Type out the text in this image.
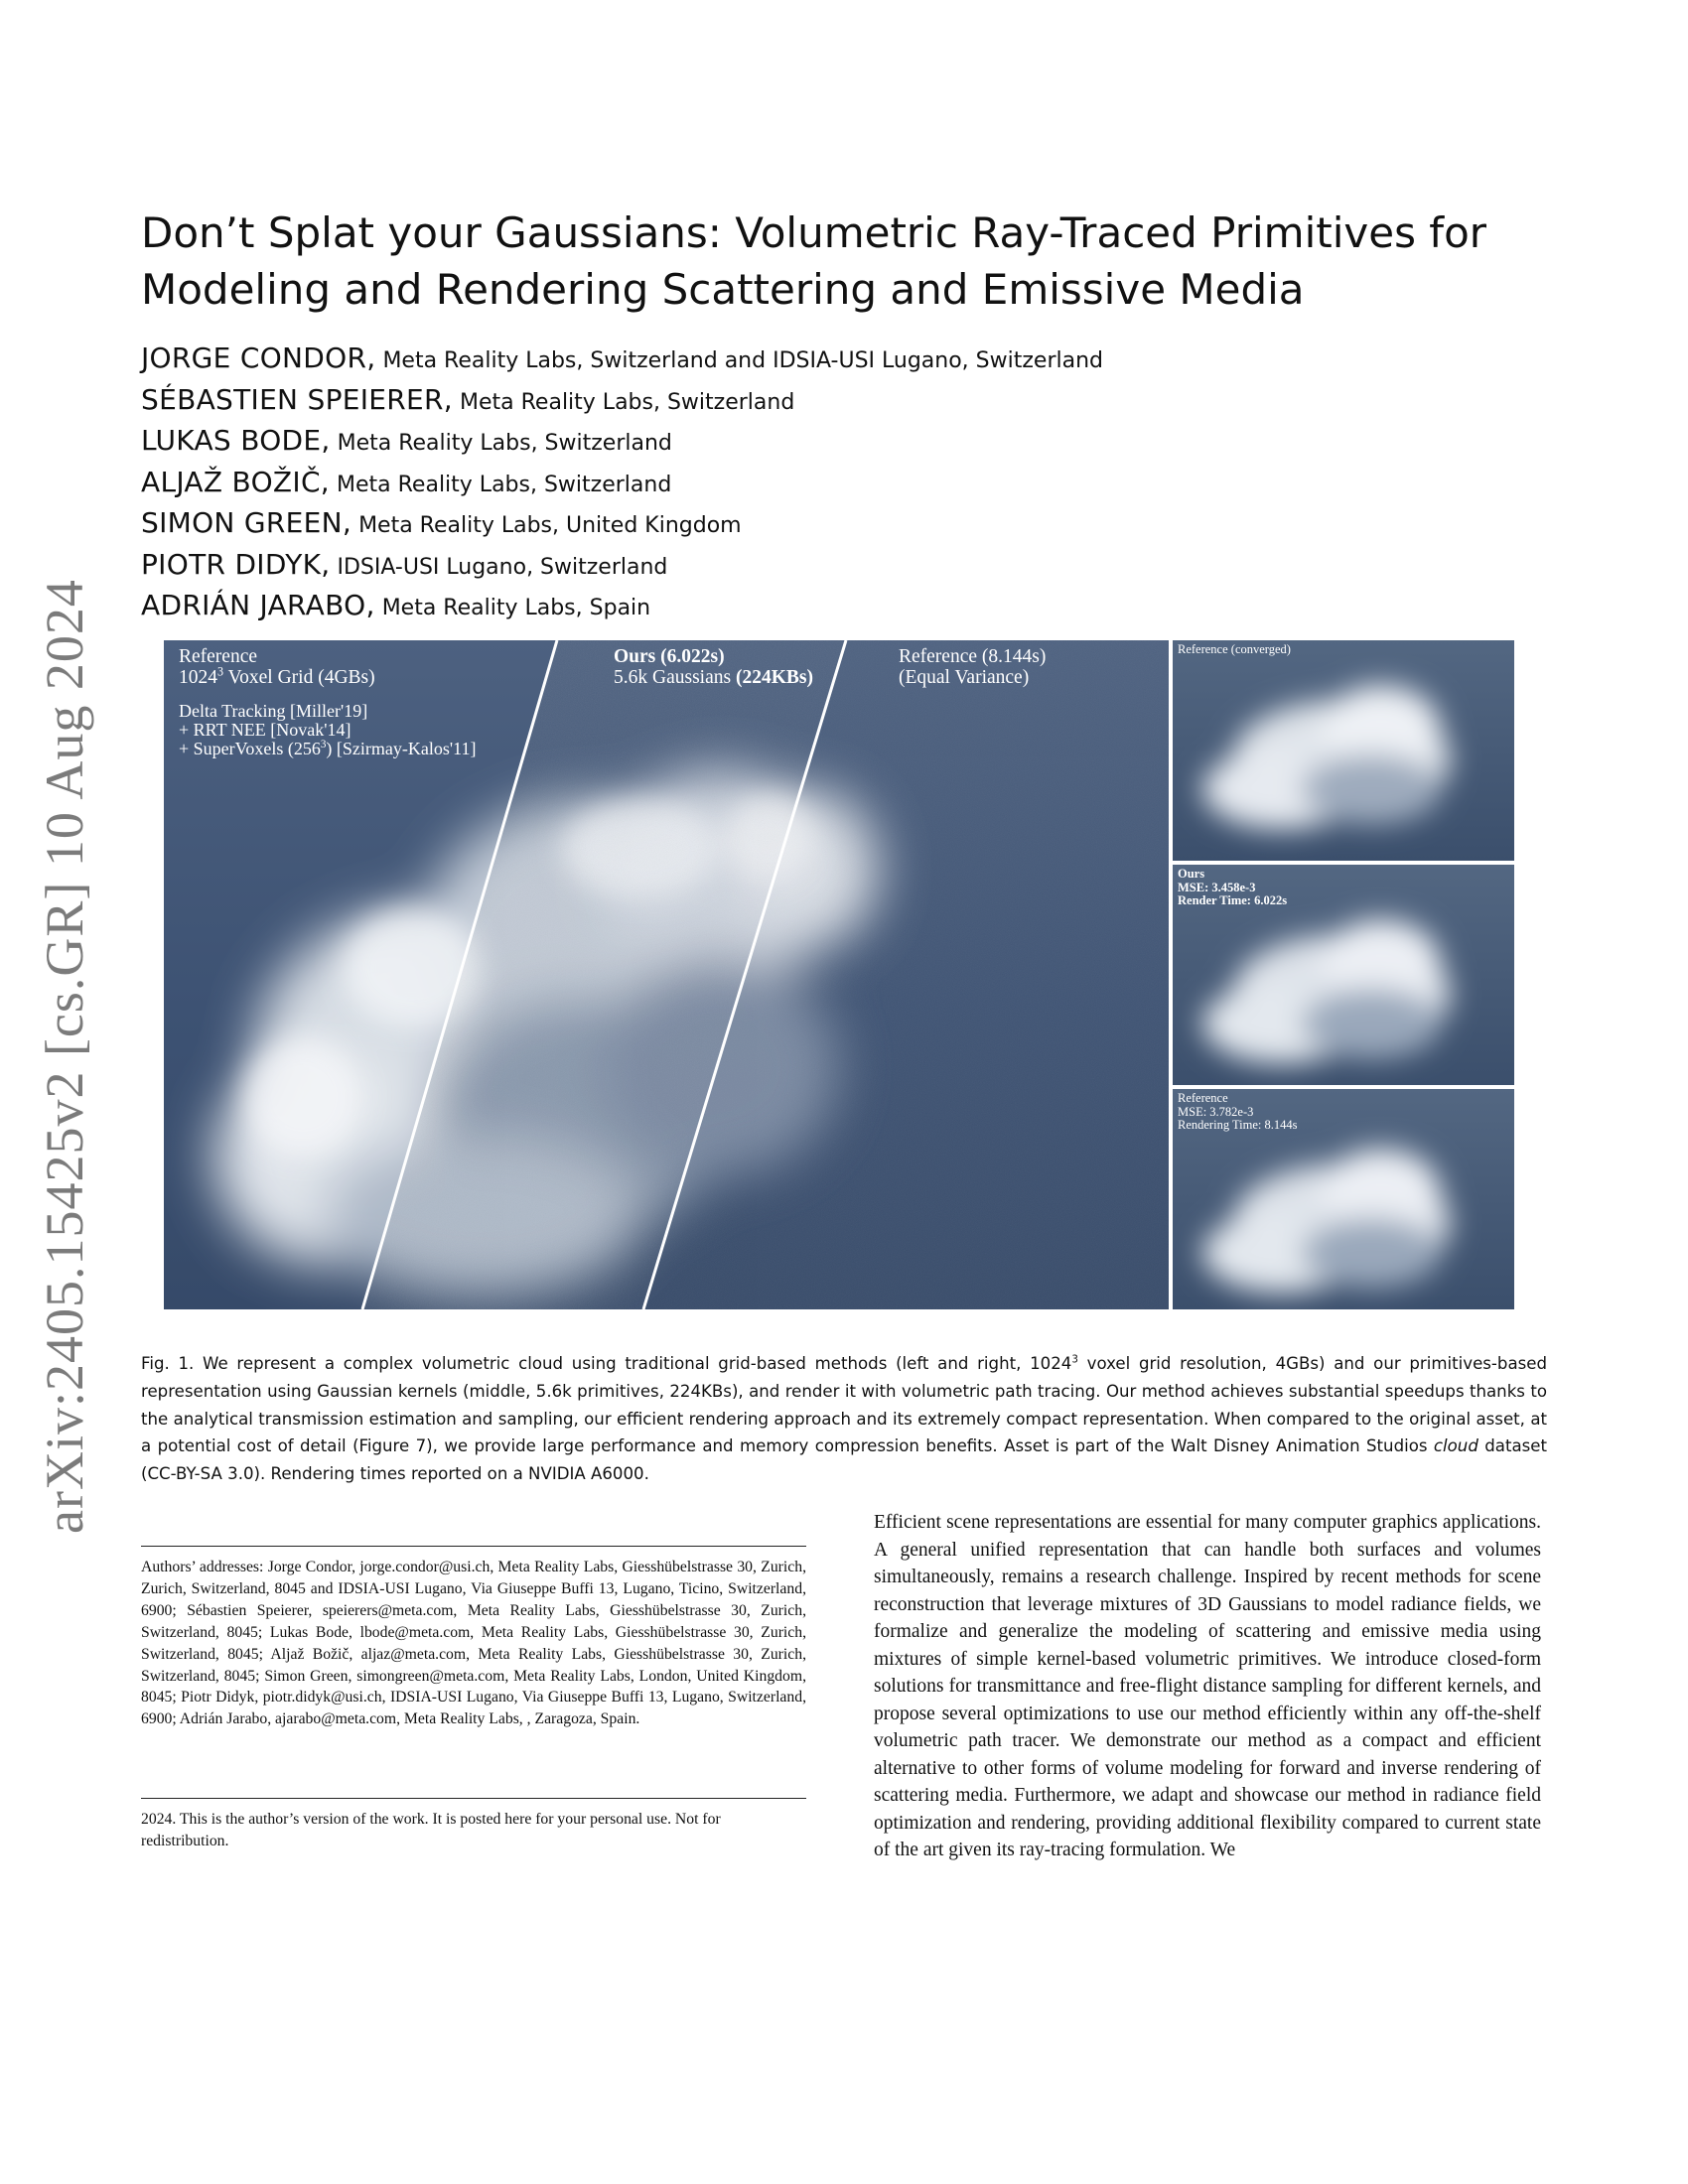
arXiv:2405.15425v2 [cs.GR] 10 Aug 2024
Don’t Splat your Gaussians: Volumetric Ray-Traced Primitives for
Modeling and Rendering Scattering and Emissive Media
JORGE CONDOR, Meta Reality Labs, Switzerland and IDSIA-USI Lugano, Switzerland
SÉBASTIEN SPEIERER, Meta Reality Labs, Switzerland
LUKAS BODE, Meta Reality Labs, Switzerland
ALJAŽ BOŽIČ, Meta Reality Labs, Switzerland
SIMON GREEN, Meta Reality Labs, United Kingdom
PIOTR DIDYK, IDSIA-USI Lugano, Switzerland
ADRIÁN JARABO, Meta Reality Labs, Spain
Reference
1024$^3$ Voxel Grid (4GBs)
Delta Tracking [Miller'19]
+ RRT NEE [Novak'14]
+ SuperVoxels $(256^3)$ [Szirmay-Kalos'11]
Ours (6.022s)
5.6k Gaussians (224KBs)
Reference (8.144s)
(Equal Variance)
Reference (converged)
Ours
MSE: 3.458e-3
Render Time: 6.022s
Reference
MSE: 3.782e-3
Rendering Time: 8.144s
Fig. 1. We represent a complex volumetric cloud using traditional grid-based methods (left and right, 1024$^3$ voxel grid resolution, 4GBs) and our primitives-based representation using Gaussian kernels (middle, 5.6k primitives, 224KBs), and render it with volumetric path tracing. Our method achieves substantial speedups thanks to the analytical transmission estimation and sampling, our efficient rendering approach and its extremely compact representation. When compared to the original asset, at a potential cost of detail (Figure 7), we provide large performance and memory compression benefits. Asset is part of the Walt Disney Animation Studios cloud dataset (CC-BY-SA 3.0). Rendering times reported on a NVIDIA A6000.
Authors’ addresses: Jorge Condor, jorge.condor@usi.ch, Meta Reality Labs, Giesshübelstrasse 30, Zurich, Zurich, Switzerland, 8045 and IDSIA-USI Lugano, Via Giuseppe Buffi 13, Lugano, Ticino, Switzerland, 6900; Sébastien Speierer, speierers@meta.com, Meta Reality Labs, Giesshübelstrasse 30, Zurich, Switzerland, 8045; Lukas Bode, lbode@meta.com, Meta Reality Labs, Giesshübelstrasse 30, Zurich, Switzerland, 8045; Aljaž Božič, aljaz@meta.com, Meta Reality Labs, Giesshübelstrasse 30, Zurich, Switzerland, 8045; Simon Green, simongreen@meta.com, Meta Reality Labs, London, United Kingdom, 8045; Piotr Didyk, piotr.didyk@usi.ch, IDSIA-USI Lugano, Via Giuseppe Buffi 13, Lugano, Switzerland, 6900; Adrián Jarabo, ajarabo@meta.com, Meta Reality Labs, , Zaragoza, Spain.
2024. This is the author’s version of the work. It is posted here for your personal use. Not for redistribution.
Efficient scene representations are essential for many computer graphics applications. A general unified representation that can handle both surfaces and volumes simultaneously, remains a research challenge. Inspired by recent methods for scene reconstruction that leverage mixtures of 3D Gaussians to model radiance fields, we formalize and generalize the modeling of scattering and emissive media using mixtures of simple kernel-based volumetric primitives. We introduce closed-form solutions for transmittance and free-flight distance sampling for different kernels, and propose several optimizations to use our method efficiently within any off-the-shelf volumetric path tracer. We demonstrate our method as a compact and efficient alternative to other forms of volume modeling for forward and inverse rendering of scattering media. Furthermore, we adapt and showcase our method in radiance field optimization and rendering, providing additional flexibility compared to current state of the art given its ray-tracing formulation. We
